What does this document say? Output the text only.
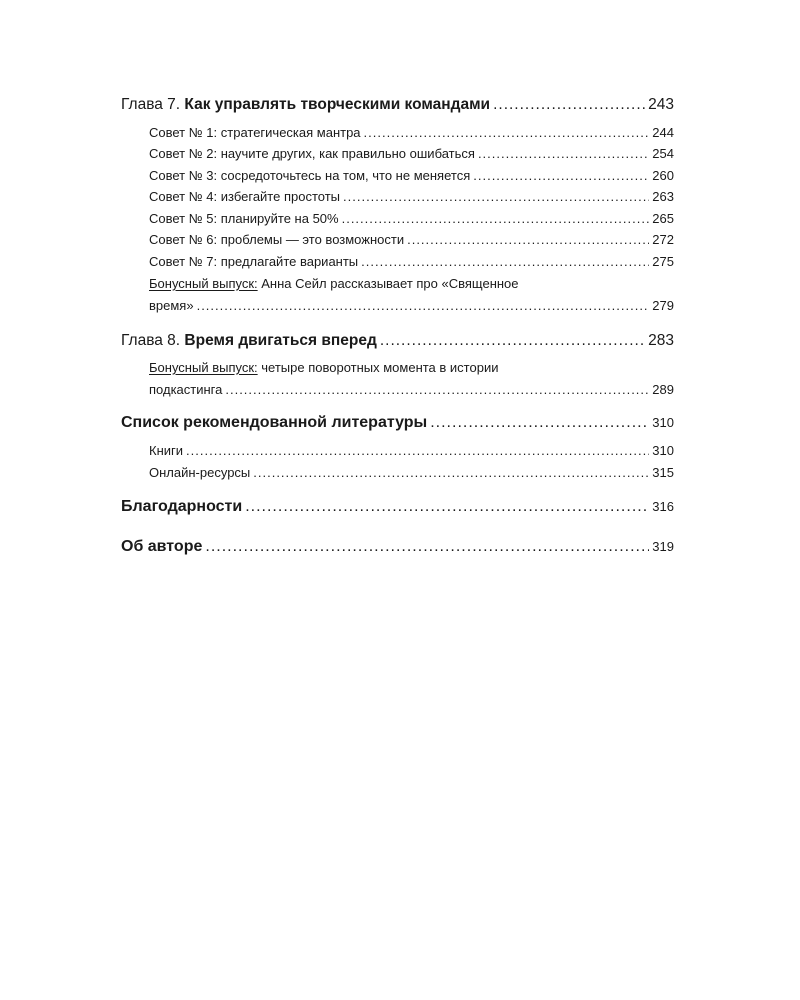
Глава 7. Как управлять творческими командами .....	243
Совет № 1: стратегическая мантра .....	244
Совет № 2: научите других, как правильно ошибаться .....	254
Совет № 3: сосредоточьтесь на том, что не меняется .....	260
Совет № 4: избегайте простоты .....	263
Совет № 5: планируйте на 50% .....	265
Совет № 6: проблемы — это возможности .....	272
Совет № 7: предлагайте варианты .....	275
Бонусный выпуск: Анна Сейл рассказывает про «Священное
время» .....	279
Глава 8. Время двигаться вперед .....	283
Бонусный выпуск: четыре поворотных момента в истории
подкастинга .....	289
Список рекомендованной литературы .....	310
Книги .....	310
Онлайн-ресурсы .....	315
Благодарности .....	316
Об авторе .....	319
